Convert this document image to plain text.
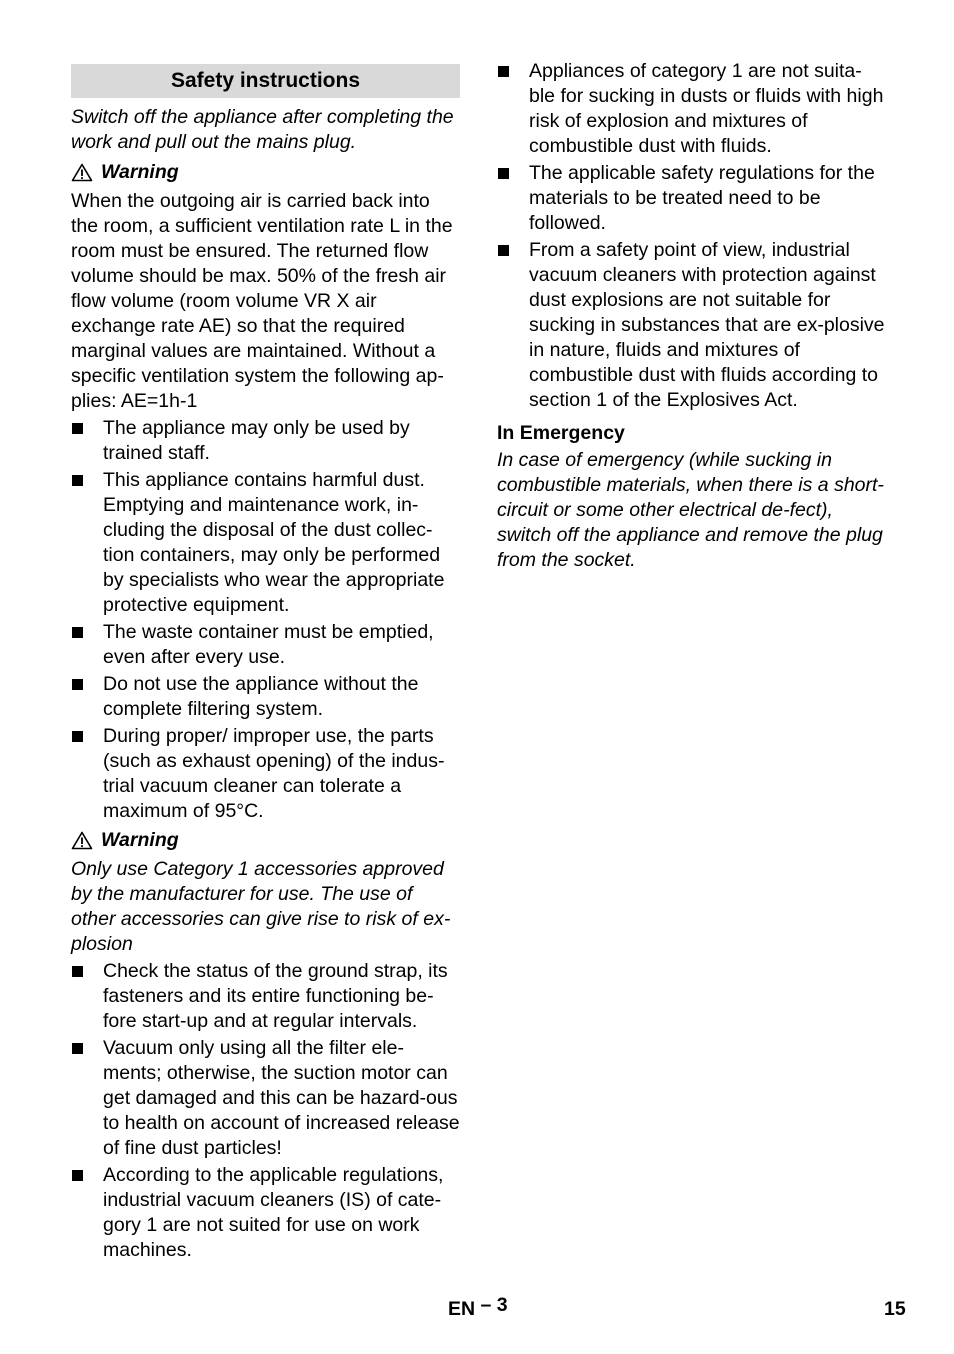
Safety instructions

Switch off the appliance after completing the work and pull out the mains plug.

Warning

When the outgoing air is carried back into the room, a sufficient ventilation rate L in the room must be ensured. The returned flow volume should be max. 50% of the fresh air flow volume (room volume VR X air exchange rate AE) so that the required marginal values are maintained. Without a specific ventilation system the following ap-plies: AE=1h-1

The appliance may only be used by trained staff.
This appliance contains harmful dust. Emptying and maintenance work, in-cluding the disposal of the dust collec-tion containers, may only be performed by specialists who wear the appropriate protective equipment.
The waste container must be emptied, even after every use.
Do not use the appliance without the complete filtering system.
During proper/ improper use, the parts (such as exhaust opening) of the indus-trial vacuum cleaner can tolerate a maximum of 95°C.
Warning

Only use Category 1 accessories approved by the manufacturer for use. The use of other accessories can give rise to risk of ex-plosion

Check the status of the ground strap, its fasteners and its entire functioning be-fore start-up and at regular intervals.
Vacuum only using all the filter ele-ments; otherwise, the suction motor can get damaged and this can be hazard-ous to health on account of increased release of fine dust particles!
According to the applicable regulations, industrial vacuum cleaners (IS) of cate-gory 1 are not suited for use on work machines.
Appliances of category 1 are not suita-ble for sucking in dusts or fluids with high risk of explosion and mixtures of combustible dust with fluids.
The applicable safety regulations for the materials to be treated need to be followed.
From a safety point of view, industrial vacuum cleaners with protection against dust explosions are not suitable for sucking in substances that are ex-plosive in nature, fluids and mixtures of combustible dust with fluids according to section 1 of the Explosives Act.

In Emergency

In case of emergency (while sucking in combustible materials, when there is a short-circuit or some other electrical de-fect), switch off the appliance and remove the plug from the socket.

EN – 3	15
